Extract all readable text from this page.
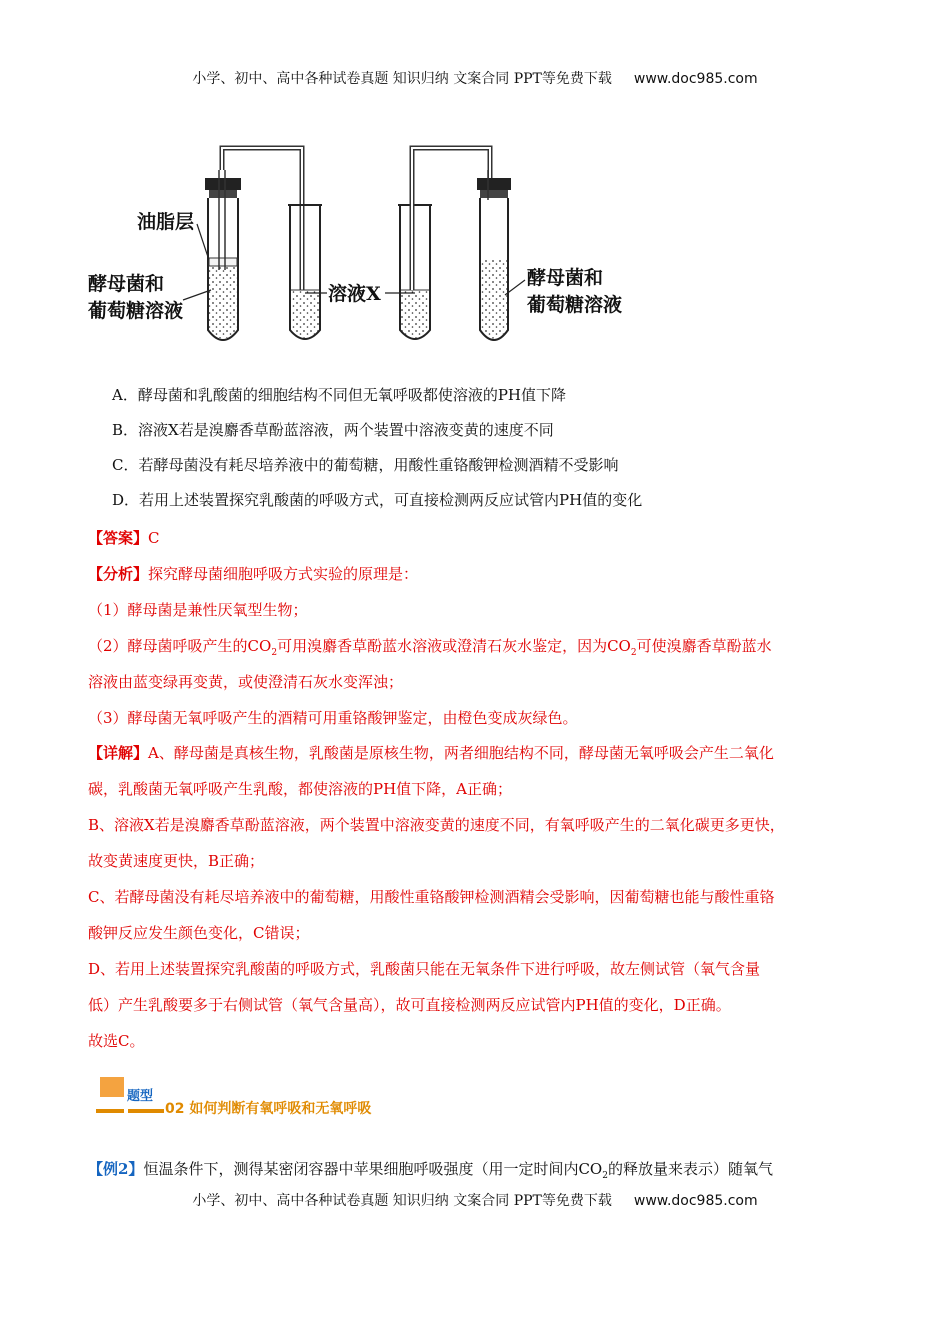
小学、初中、高中各种试卷真题 知识归纳 文案合同 PPT等免费下载 www.doc985.com
油脂层
酵母菌和
葡萄糖溶液
溶液X
酵母菌和
葡萄糖溶液
A．酵母菌和乳酸菌的细胞结构不同但无氧呼吸都使溶液的PH值下降
B．溶液X若是溴麝香草酚蓝溶液，两个装置中溶液变黄的速度不同
C．若酵母菌没有耗尽培养液中的葡萄糖，用酸性重铬酸钾检测酒精不受影响
D．若用上述装置探究乳酸菌的呼吸方式，可直接检测两反应试管内PH值的变化
【答案】C
【分析】探究酵母菌细胞呼吸方式实验的原理是：
（1）酵母菌是兼性厌氧型生物；
（2）酵母菌呼吸产生的$CO_2$可用溴麝香草酚蓝水溶液或澄清石灰水鉴定，因为$CO_2$可使溴麝香草酚蓝水
溶液由蓝变绿再变黄，或使澄清石灰水变浑浊；
（3）酵母菌无氧呼吸产生的酒精可用重铬酸钾鉴定，由橙色变成灰绿色。
【详解】A、酵母菌是真核生物，乳酸菌是原核生物，两者细胞结构不同，酵母菌无氧呼吸会产生二氧化
碳，乳酸菌无氧呼吸产生乳酸，都使溶液的PH值下降，A正确；
B、溶液X若是溴麝香草酚蓝溶液，两个装置中溶液变黄的速度不同，有氧呼吸产生的二氧化碳更多更快，
故变黄速度更快，B正确；
C、若酵母菌没有耗尽培养液中的葡萄糖，用酸性重铬酸钾检测酒精会受影响，因葡萄糖也能与酸性重铬
酸钾反应发生颜色变化，C错误；
D、若用上述装置探究乳酸菌的呼吸方式，乳酸菌只能在无氧条件下进行呼吸，故左侧试管（氧气含量
低）产生乳酸要多于右侧试管（氧气含量高），故可直接检测两反应试管内PH值的变化，D正确。
故选C。
题型
02 如何判断有氧呼吸和无氧呼吸
【例2】恒温条件下，测得某密闭容器中苹果细胞呼吸强度（用一定时间内$CO_2$的释放量来表示）随氧气
小学、初中、高中各种试卷真题 知识归纳 文案合同 PPT等免费下载 www.doc985.com
